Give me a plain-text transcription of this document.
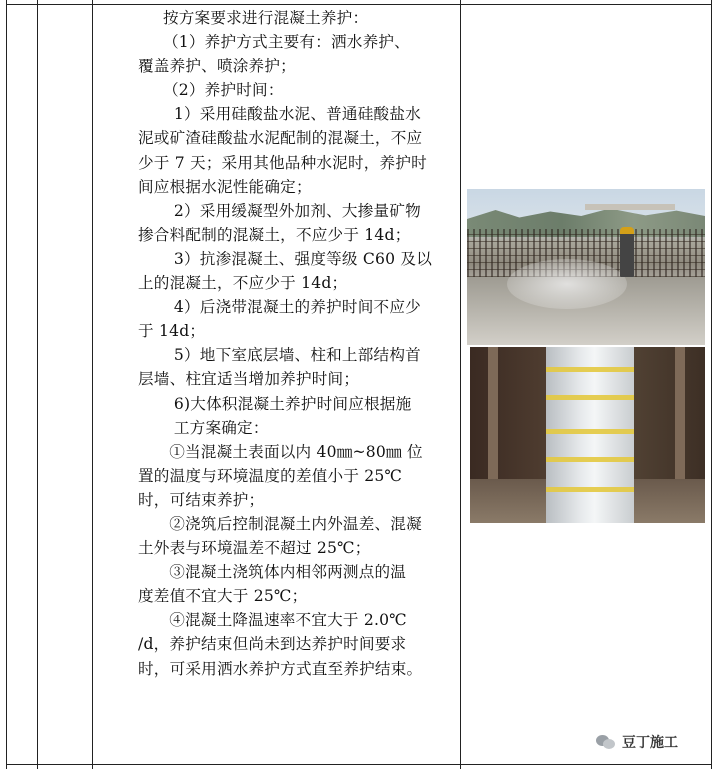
按方案要求进行混凝土养护：

（1）养护方式主要有：洒水养护、

覆盖养护、喷涂养护；

（2）养护时间：

1）采用硅酸盐水泥、普通硅酸盐水

泥或矿渣硅酸盐水泥配制的混凝土，不应

少于 7 天；采用其他品种水泥时，养护时

间应根据水泥性能确定；

2）采用缓凝型外加剂、大掺量矿物

掺合料配制的混凝土，不应少于 14d；

3）抗渗混凝土、强度等级 C60 及以

上的混凝土，不应少于 14d；

4）后浇带混凝土的养护时间不应少

于 14d；

5）地下室底层墙、柱和上部结构首

层墙、柱宜适当增加养护时间；

6)大体积混凝土养护时间应根据施

工方案确定：

①当混凝土表面以内 40㎜~80㎜ 位

置的温度与环境温度的差值小于 25℃

时，可结束养护；

②浇筑后控制混凝土内外温差、混凝

土外表与环境温差不超过 25℃；

③混凝土浇筑体内相邻两测点的温

度差值不宜大于 25℃；

④混凝土降温速率不宜大于 2.0℃

/d，养护结束但尚未到达养护时间要求

时，可采用洒水养护方式直至养护结束。

豆丁施工
